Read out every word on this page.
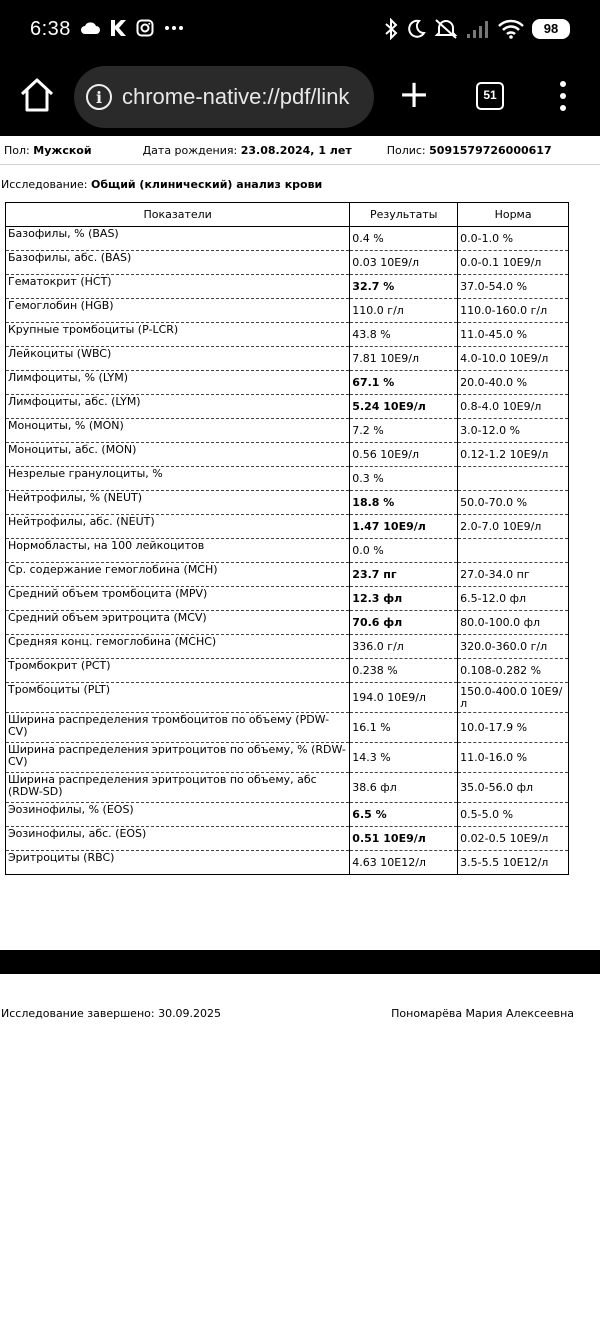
6:38	98
i chrome-native://pdf/link +	51
Пол: Мужской	Дата рождения: 23.08.2024, 1 лет	Полис: 5091579726000617
Исследование: Общий (клинический) анализ крови
Показатели	Результаты	Норма
Базофилы, % (BAS)	0.4 %	0.0-1.0 %
Базофилы, абс. (BAS)	0.03 10E9/л	0.0-0.1 10E9/л
Гематокрит (HCT)	32.7 %	37.0-54.0 %
Гемоглобин (HGB)	110.0 г/л	110.0-160.0 г/л
Крупные тромбоциты (P-LCR)	43.8 %	11.0-45.0 %
Лейкоциты (WBC)	7.81 10E9/л	4.0-10.0 10E9/л
Лимфоциты, % (LYM)	67.1 %	20.0-40.0 %
Лимфоциты, абс. (LYM)	5.24 10E9/л	0.8-4.0 10E9/л
Моноциты, % (MON)	7.2 %	3.0-12.0 %
Моноциты, абс. (MON)	0.56 10E9/л	0.12-1.2 10E9/л
Незрелые гранулоциты, %	0.3 %	
Нейтрофилы, % (NEUT)	18.8 %	50.0-70.0 %
Нейтрофилы, абс. (NEUT)	1.47 10E9/л	2.0-7.0 10E9/л
Нормобласты, на 100 лейкоцитов	0.0 %	
Ср. содержание гемоглобина (MCH)	23.7 пг	27.0-34.0 пг
Средний объем тромбоцита (MPV)	12.3 фл	6.5-12.0 фл
Средний объем эритроцита (MCV)	70.6 фл	80.0-100.0 фл
Средняя конц. гемоглобина (MCHC)	336.0 г/л	320.0-360.0 г/л
Тромбокрит (PCT)	0.238 %	0.108-0.282 %
Тромбоциты (PLT)	194.0 10E9/л	150.0-400.0 10E9/л
Ширина распределения тромбоцитов по объему (PDW-CV)	16.1 %	10.0-17.9 %
Ширина распределения эритроцитов по объему, % (RDW-CV)	14.3 %	11.0-16.0 %
Ширина распределения эритроцитов по объему, абс (RDW-SD)	38.6 фл	35.0-56.0 фл
Эозинофилы, % (EOS)	6.5 %	0.5-5.0 %
Эозинофилы, абс. (EOS)	0.51 10E9/л	0.02-0.5 10E9/л
Эритроциты (RBC)	4.63 10E12/л	3.5-5.5 10E12/л
Исследование завершено: 30.09.2025	Пономарёва Мария Алексеевна
